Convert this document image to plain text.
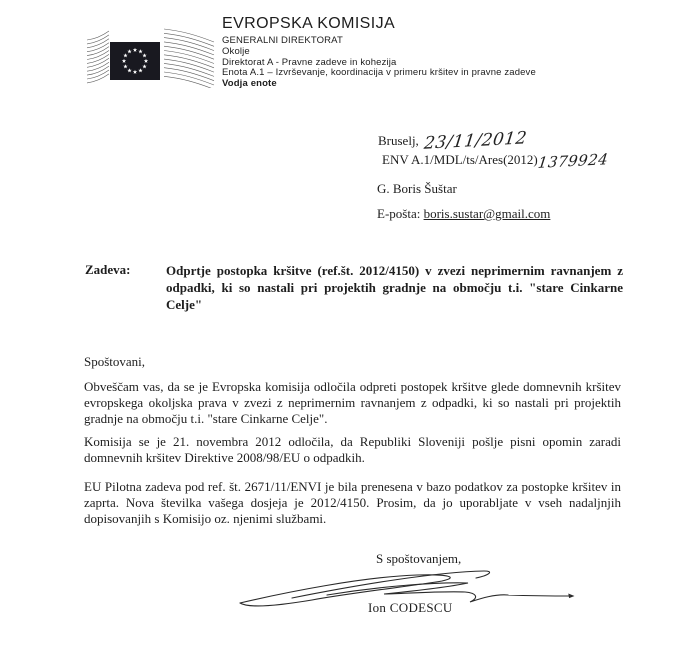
EVROPSKA KOMISIJA
GENERALNI DIREKTORAT
Okolje
Direktorat A - Pravne zadeve in kohezija
Enota A.1 – Izvrševanje, koordinacija v primeru kršitev in pravne zadeve
Vodja enote
Bruselj, 23/11/2012
ENV A.1/MDL/ts/Ares(2012)1379924
G. Boris Šuštar
E-pošta: boris.sustar@gmail.com
Zadeva:	Odprtje postopka kršitve (ref.št. 2012/4150) v zvezi neprimernim ravnanjem z odpadki, ki so nastali pri projektih gradnje na območju t.i. "stare Cinkarne Celje"
Spoštovani,

Obveščam vas, da se je Evropska komisija odločila odpreti postopek kršitve glede domnevnih kršitev evropskega okoljska prava v zvezi z neprimernim ravnanjem z odpadki, ki so nastali pri projektih gradnje na območju t.i. "stare Cinkarne Celje".

Komisija se je 21. novembra 2012 odločila, da Republiki Sloveniji pošlje pisni opomin zaradi domnevnih kršitev Direktive 2008/98/EU o odpadkih.

EU Pilotna zadeva pod ref. št. 2671/11/ENVI je bila prenesena v bazo podatkov za postopke kršitev in zaprta. Nova številka vašega dosjeja je 2012/4150. Prosim, da jo uporabljate v vseh nadaljnjih dopisovanjih s Komisijo oz. njenimi službami.

S spoštovanjem,
Ion CODESCU
